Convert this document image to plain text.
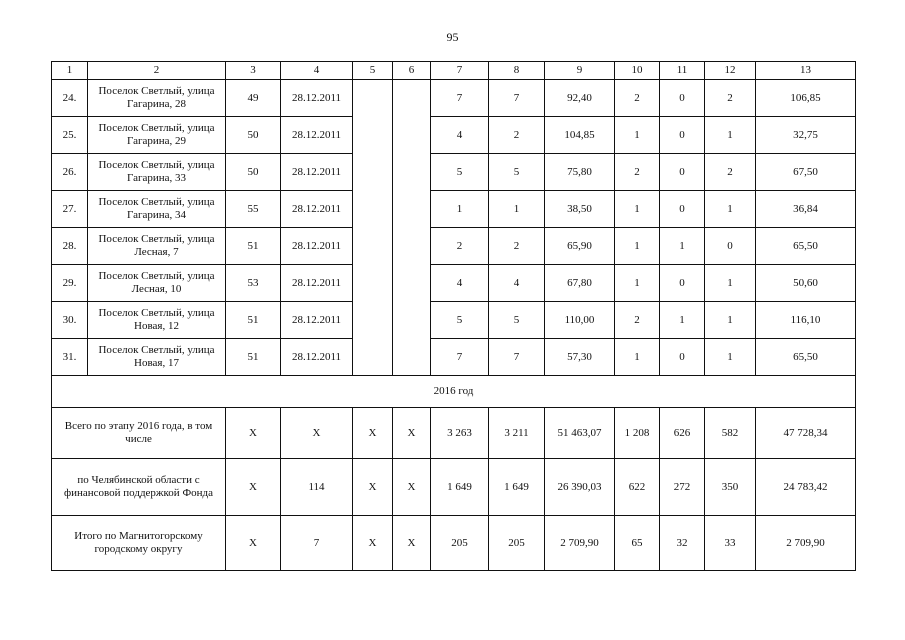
95
1	2	3	4	5	6	7	8	9	10	11	12	13
24.	Поселок Светлый, улица
Гагарина, 28	49	28.12.2011			7	7	92,40	2	0	2	106,85
25.	Поселок Светлый, улица
Гагарина, 29	50	28.12.2011			4	2	104,85	1	0	1	32,75
26.	Поселок Светлый, улица
Гагарина, 33	50	28.12.2011			5	5	75,80	2	0	2	67,50
27.	Поселок Светлый, улица
Гагарина, 34	55	28.12.2011			1	1	38,50	1	0	1	36,84
28.	Поселок Светлый, улица
Лесная, 7	51	28.12.2011			2	2	65,90	1	1	0	65,50
29.	Поселок Светлый, улица
Лесная, 10	53	28.12.2011			4	4	67,80	1	0	1	50,60
30.	Поселок Светлый, улица
Новая, 12	51	28.12.2011			5	5	110,00	2	1	1	116,10
31.	Поселок Светлый, улица
Новая, 17	51	28.12.2011			7	7	57,30	1	0	1	65,50
2016 год												

Всего по этапу 2016 года, в том
числе		X	X	X	X	3 263	3 211	51 463,07	1 208	626	582	47 728,34

по Челябинской области с
финансовой поддержкой Фонда		X	114	X	X	1 649	1 649	26 390,03	622	272	350	24 783,42

Итого по Магнитогорскому
городскому округу		X	7	X	X	205	205	2 709,90	65	32	33	2 709,90
